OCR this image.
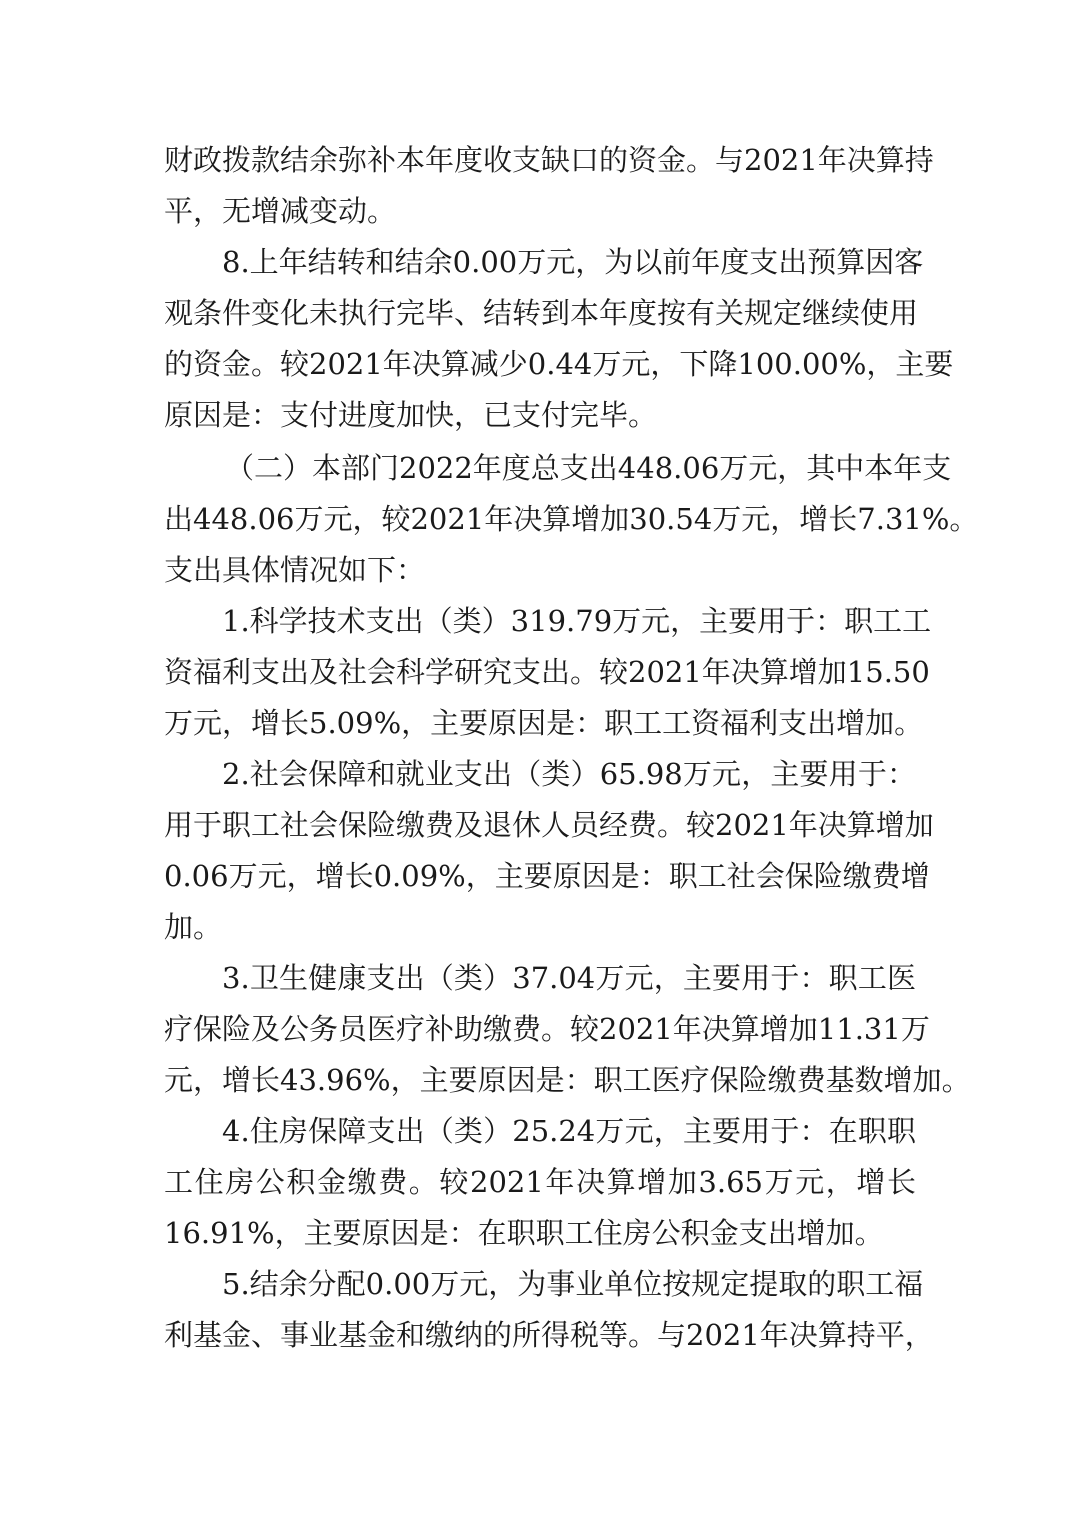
财政拨款结余弥补本年度收支缺口的资金。与2021年决算持
平，无增减变动。
8.上年结转和结余0.00万元，为以前年度支出预算因客
观条件变化未执行完毕、结转到本年度按有关规定继续使用
的资金。较2021年决算减少0.44万元，下降100.00%，主要
原因是：支付进度加快，已支付完毕。
（二）本部门2022年度总支出448.06万元，其中本年支
出448.06万元，较2021年决算增加30.54万元，增长7.31%。
支出具体情况如下：
1.科学技术支出（类）319.79万元，主要用于：职工工
资福利支出及社会科学研究支出。较2021年决算增加15.50
万元，增长5.09%，主要原因是：职工工资福利支出增加。
2.社会保障和就业支出（类）65.98万元，主要用于：
用于职工社会保险缴费及退休人员经费。较2021年决算增加
0.06万元，增长0.09%，主要原因是：职工社会保险缴费增
加。
3.卫生健康支出（类）37.04万元，主要用于：职工医
疗保险及公务员医疗补助缴费。较2021年决算增加11.31万
元，增长43.96%，主要原因是：职工医疗保险缴费基数增加。
4.住房保障支出（类）25.24万元，主要用于：在职职
工住房公积金缴费。较2021年决算增加3.65万元，增长
16.91%，主要原因是：在职职工住房公积金支出增加。
5.结余分配0.00万元，为事业单位按规定提取的职工福
利基金、事业基金和缴纳的所得税等。与2021年决算持平，
